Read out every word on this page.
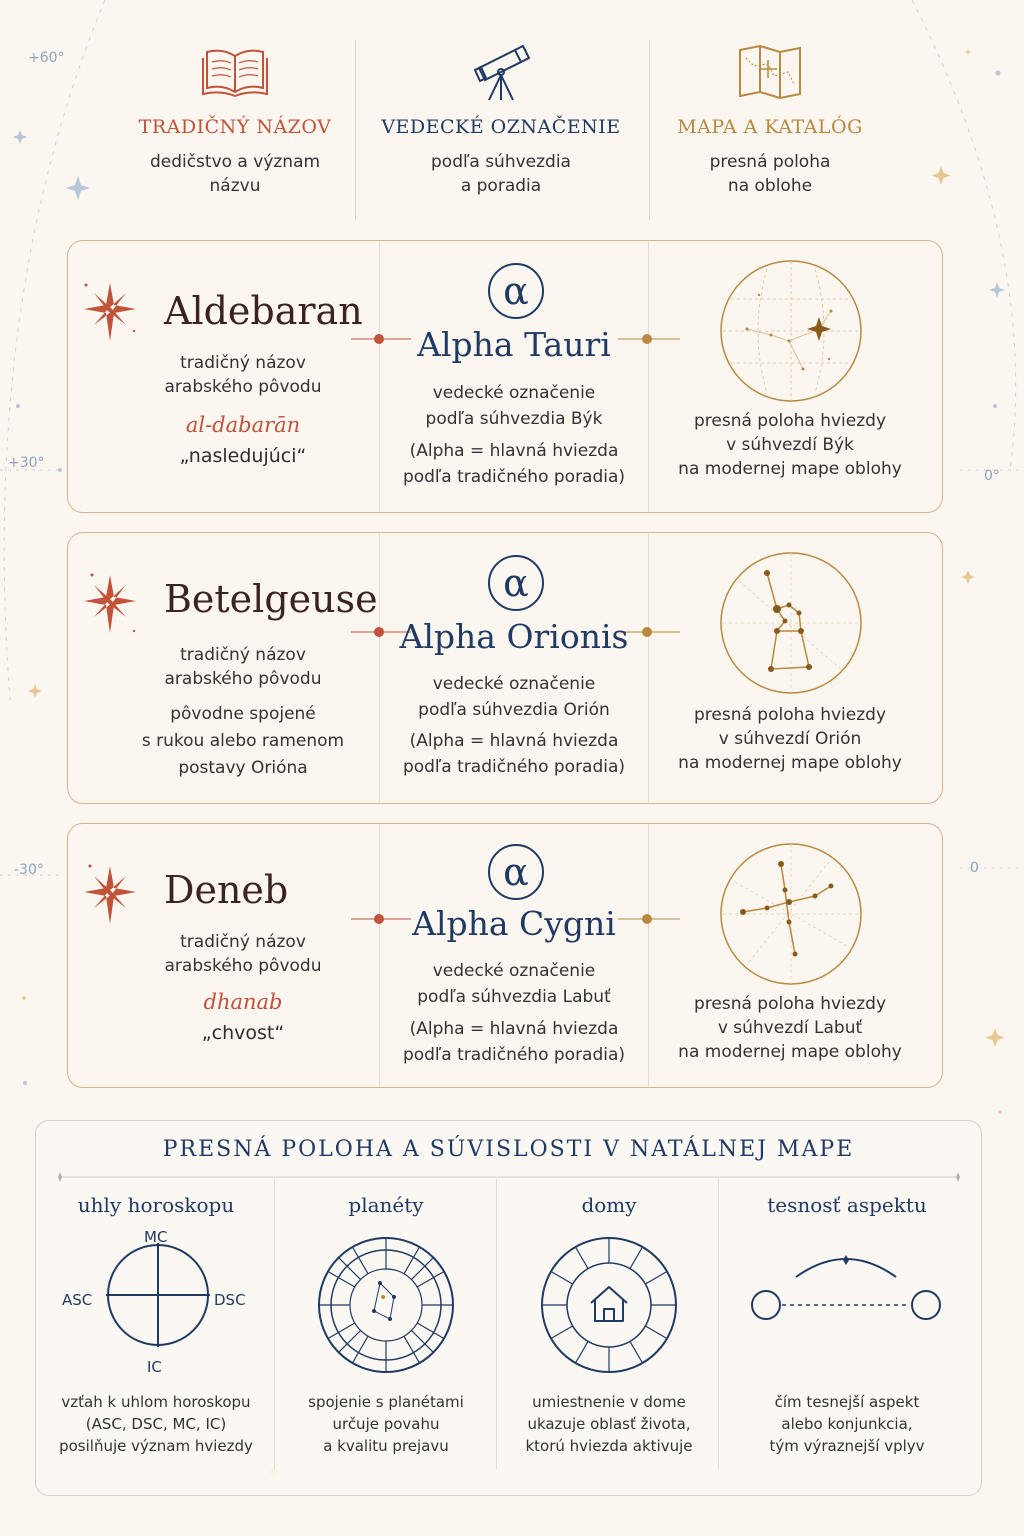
+60°
+30°
-30°
0°
0
TRADIČNÝ NÁZOV
dedičstvo a význam
názvu
VEDECKÉ OZNAČENIE
podľa súhvezdia
a poradia
MAPA A KATALÓG
presná poloha
na oblohe
Aldebaran
tradičný názov
arabského pôvodu
al-dabarān
„nasledujúci“
α
Alpha Tauri
vedecké označenie
podľa súhvezdia Býk
(Alpha = hlavná hviezda
podľa tradičného poradia)
presná poloha hviezdy
v súhvezdí Býk
na modernej mape oblohy
Betelgeuse
tradičný názov
arabského pôvodu
pôvodne spojené
s rukou alebo ramenom
postavy Orióna
α
Alpha Orionis
vedecké označenie
podľa súhvezdia Orión
(Alpha = hlavná hviezda
podľa tradičného poradia)
presná poloha hviezdy
v súhvezdí Orión
na modernej mape oblohy
Deneb
tradičný názov
arabského pôvodu
dhanab
„chvost“
α
Alpha Cygni
vedecké označenie
podľa súhvezdia Labuť
(Alpha = hlavná hviezda
podľa tradičného poradia)
presná poloha hviezdy
v súhvezdí Labuť
na modernej mape oblohy
PRESNÁ POLOHA A SÚVISLOSTI V NATÁLNEJ MAPE
uhly horoskopu
MC
ASC	DSC
IC
vzťah k uhlom horoskopu
(ASC, DSC, MC, IC)
posilňuje význam hviezdy
planéty
spojenie s planétami
určuje povahu
a kvalitu prejavu
domy
umiestnenie v dome
ukazuje oblasť života,
ktorú hviezda aktivuje
tesnosť aspektu
čím tesnejší aspekt
alebo konjunkcia,
tým výraznejší vplyv
